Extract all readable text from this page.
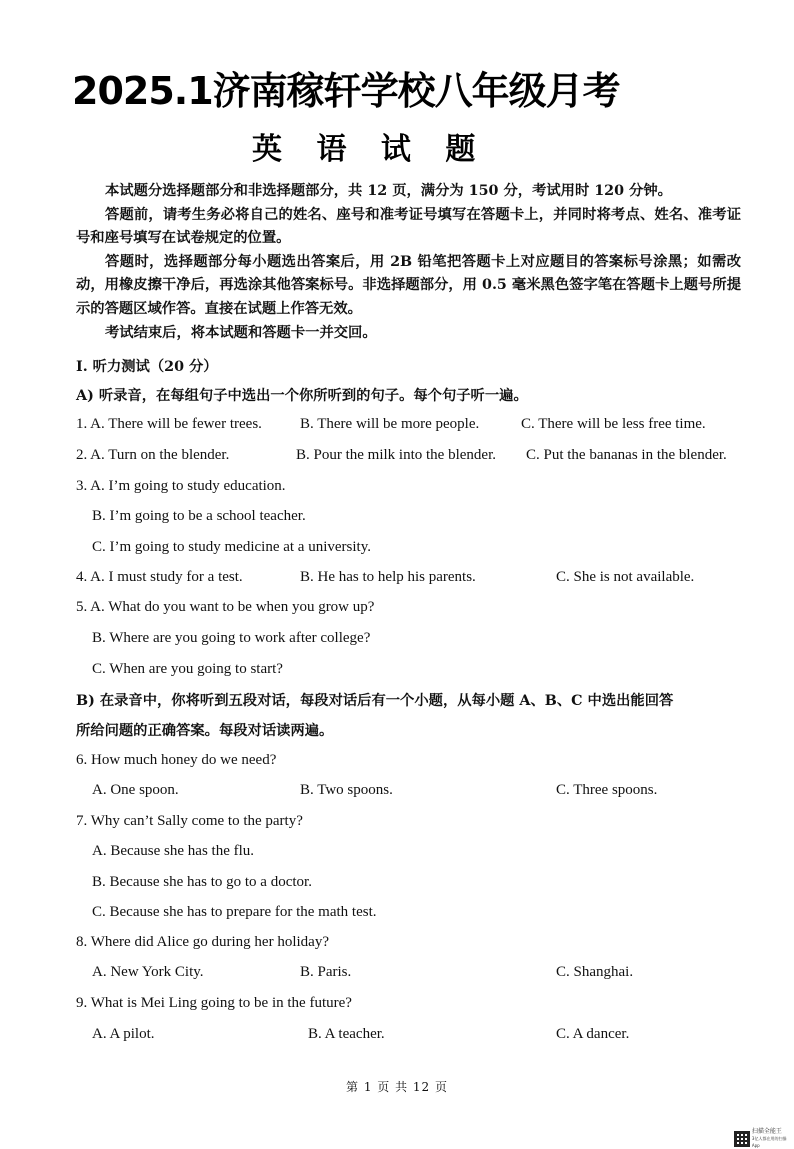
2025.1济南稼轩学校八年级月考
英 语 试 题

本试题分选择题部分和非选择题部分，共 12 页，满分为 150 分，考试用时 120 分钟。

答题前，请考生务必将自己的姓名、座号和准考证号填写在答题卡上，并同时将考点、姓名、准考证号和座号填写在试卷规定的位置。

答题时，选择题部分每小题选出答案后，用 2B 铅笔把答题卡上对应题目的答案标号涂黑；如需改动，用橡皮擦干净后，再选涂其他答案标号。非选择题部分，用 0.5 毫米黑色签字笔在答题卡上题号所提示的答题区域作答。直接在试题上作答无效。

考试结束后，将本试题和答题卡一并交回。

I. 听力测试（20 分）
A) 听录音，在每组句子中选出一个你所听到的句子。每个句子听一遍。
1. A. There will be fewer trees.	B. There will be more people.	C. There will be less free time.
2. A. Turn on the blender.	B. Pour the milk into the blender. C. Put the bananas in the blender.
3. A. I’m going to study education.
B. I’m going to be a school teacher.
C. I’m going to study medicine at a university.
4. A. I must study for a test.	B. He has to help his parents.	C. She is not available.
5. A. What do you want to be when you grow up?
B. Where are you going to work after college?
C. When are you going to start?
B) 在录音中，你将听到五段对话，每段对话后有一个小题，从每小题 A、B、C 中选出能回答
所给问题的正确答案。每段对话读两遍。
6. How much honey do we need?
A. One spoon.	B. Two spoons.	C. Three spoons.
7. Why can’t Sally come to the party?
A. Because she has the flu.
B. Because she has to go to a doctor.
C. Because she has to prepare for the math test.
8. Where did Alice go during her holiday?
A. New York City.	B. Paris.	C. Shanghai.
9. What is Mei Ling going to be in the future?
A. A pilot.	B. A teacher.	C. A dancer.
第 1 页 共 12 页
扫描全能王
3亿人都在用的扫描App
